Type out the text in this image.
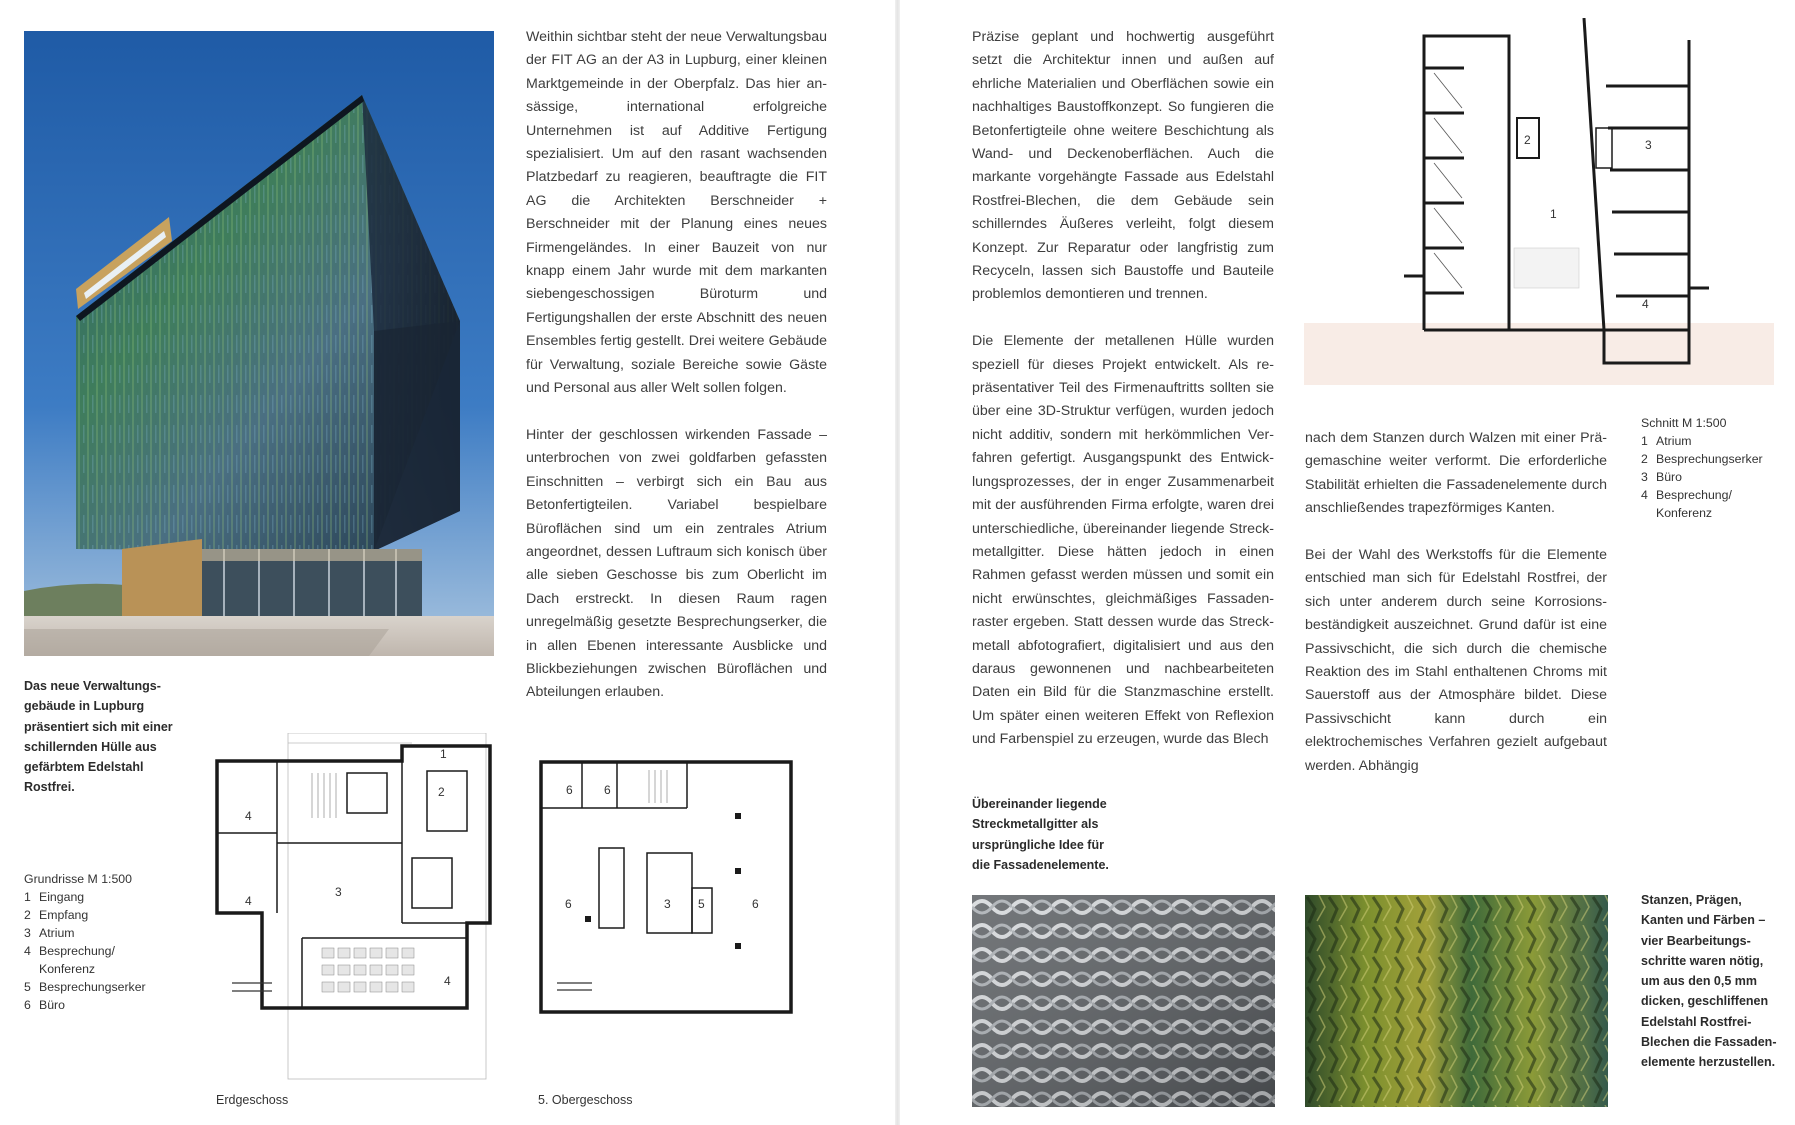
Weithin sichtbar steht der neue Verwaltungsbau der FIT AG an der A3 in Lupburg, einer kleinen Marktgemeinde in der Oberpfalz. Das hier ansässige, international erfolgreiche Unternehmen ist auf Additive Fertigung spezialisiert. Um auf den rasant wachsenden Platzbedarf zu reagieren, beauftragte die FIT AG die Architekten Berschneider + Berschneider mit der Planung eines neues Firmengeländes. In einer Bauzeit von nur knapp einem Jahr wurde mit dem markanten siebengeschossigen Büroturm und Fertigungshallen der erste Abschnitt des neuen Ensembles fertig gestellt. Drei weitere Gebäude für Verwaltung, soziale Bereiche sowie Gäste und Personal aus aller Welt sollen folgen.

Hinter der geschlossen wirkenden Fassade – unterbrochen von zwei goldfarben gefassten Einschnitten – verbirgt sich ein Bau aus Betonfertigteilen. Variabel bespielbare Büroflächen sind um ein zentrales Atrium angeordnet, dessen Luftraum sich konisch über alle sieben Geschosse bis zum Oberlicht im Dach erstreckt. In diesen Raum ragen unregelmäßig gesetzte Besprechungserker, die in allen Ebenen interessante Ausblicke und Blickbeziehungen zwischen Büroflächen und Abteilungen erlauben.

Das neue Verwaltungsgebäude in Lupburg präsentiert sich mit einer schillernden Hülle aus gefärbtem Edelstahl Rostfrei.
Grundrisse M 1:500
1 Eingang
2 Empfang
3 Atrium
4 Besprechung/ Konferenz
5 Besprechungserker
6 Büro
1
2
3
4
4
4
Erdgeschoss
6	6
6	3 5	6
5. Obergeschoss

Präzise geplant und hochwertig ausgeführt setzt die Architektur innen und außen auf ehrliche Materialien und Oberflächen sowie ein nachhaltiges Baustoffkonzept. So fungieren die Betonfertigteile ohne weitere Beschichtung als Wand- und Deckenoberflächen. Auch die markante vorgehängte Fassade aus Edelstahl Rostfrei-Blechen, die dem Gebäude sein schillerndes Äußeres verleiht, folgt diesem Konzept. Zur Reparatur oder langfristig zum Recyceln, lassen sich Baustoffe und Bauteile problemlos demontieren und trennen.

Die Elemente der metallenen Hülle wurden speziell für dieses Projekt entwickelt. Als repräsentativer Teil des Firmenauftritts sollten sie über eine 3D-Struktur verfügen, wurden jedoch nicht additiv, sondern mit herkömmlichen Verfahren gefertigt. Ausgangspunkt des Entwicklungsprozesses, der in enger Zusammenarbeit mit der ausführenden Firma erfolgte, waren drei unterschiedliche, übereinander liegende Streckmetallgitter. Diese hätten jedoch in einen Rahmen gefasst werden müssen und somit ein nicht erwünschtes, gleichmäßiges Fassadenraster ergeben. Statt dessen wurde das Streckmetall abfotografiert, digitalisiert und aus den daraus gewonnenen und nachbearbeiteten Daten ein Bild für die Stanzmaschine erstellt. Um später einen weiteren Effekt von Reflexion und Farbenspiel zu erzeugen, wurde das Blech

1
2	3
4

nach dem Stanzen durch Walzen mit einer Prägemaschine weiter verformt. Die erforderliche Stabilität erhielten die Fassadenelemente durch anschließendes trapezförmiges Kanten.

Bei der Wahl des Werkstoffs für die Elemente entschied man sich für Edelstahl Rostfrei, der sich unter anderem durch seine Korrosionsbeständigkeit auszeichnet. Grund dafür ist eine Passivschicht, die sich durch die chemische Reaktion des im Stahl enthaltenen Chroms mit Sauerstoff aus der Atmosphäre bildet. Diese Passivschicht kann durch ein elektrochemisches Verfahren gezielt aufgebaut werden. Abhängig

Schnitt M 1:500
1 Atrium
2 Besprechungserker
3 Büro
4 Besprechung/ Konferenz
Übereinander liegende Streckmetallgitter als ursprüngliche Idee für die Fassadenelemente.
Stanzen, Prägen, Kanten und Färben – vier Bearbeitungsschritte waren nötig, um aus den 0,5 mm dicken, geschliffenen Edelstahl Rostfrei-Blechen die Fassadenelemente herzustellen.
